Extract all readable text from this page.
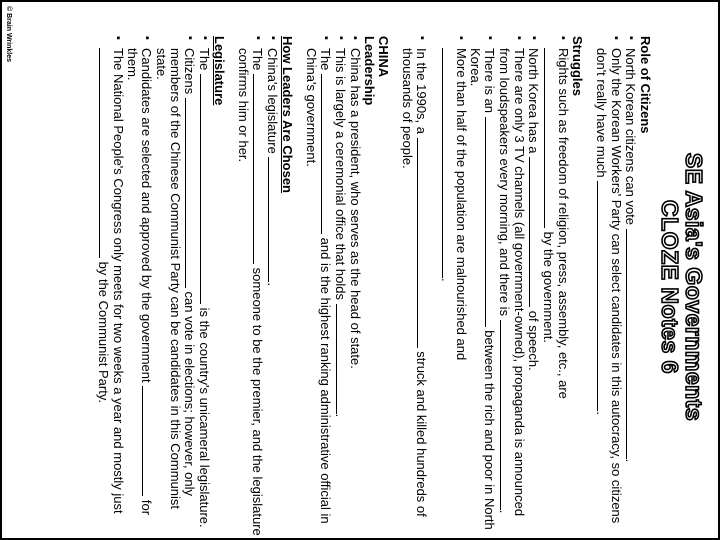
© Brain Wrinkles
SE Asia's Governments
CLOZE Notes 6
Role of Citizens
▪ North Korean citizens can vote .
▪ Only the Korean Workers' Party can select candidates in this autocracy, so citizens don't really have much .
Struggles
▪ Rights such as freedom of religion, press, assembly, etc., are  by the government.
▪ North Korea has a  of speech.
▪ There are only 3 TV channels (all government-owned), propaganda is announced from loudspeakers every morning, and there is .
▪ There is an  between the rich and poor in North Korea.
▪ More than half of the population are malnourished and .
▪ In the 1990s, a  struck and killed hundreds of thousands of people.
CHINA
Leadership
▪ China has a president, who serves as the head of state.
▪ This is largely a ceremonial office that holds .
▪ The  and is the highest ranking administrative official in China's government.
How Leaders Are Chosen
▪ China's legislature .
▪ The  someone to be the premier, and the legislature confirms him or her.
Legislature
▪ The  is the country's unicameral legislature.
▪ Citizens  can vote in elections; however, only members of the Chinese Communist Party can be candidates in this Communist state.
▪ Candidates are selected and approved by the government  for them.
▪ The National People's Congress only meets for two weeks a year and mostly just  by the Communist Party.
